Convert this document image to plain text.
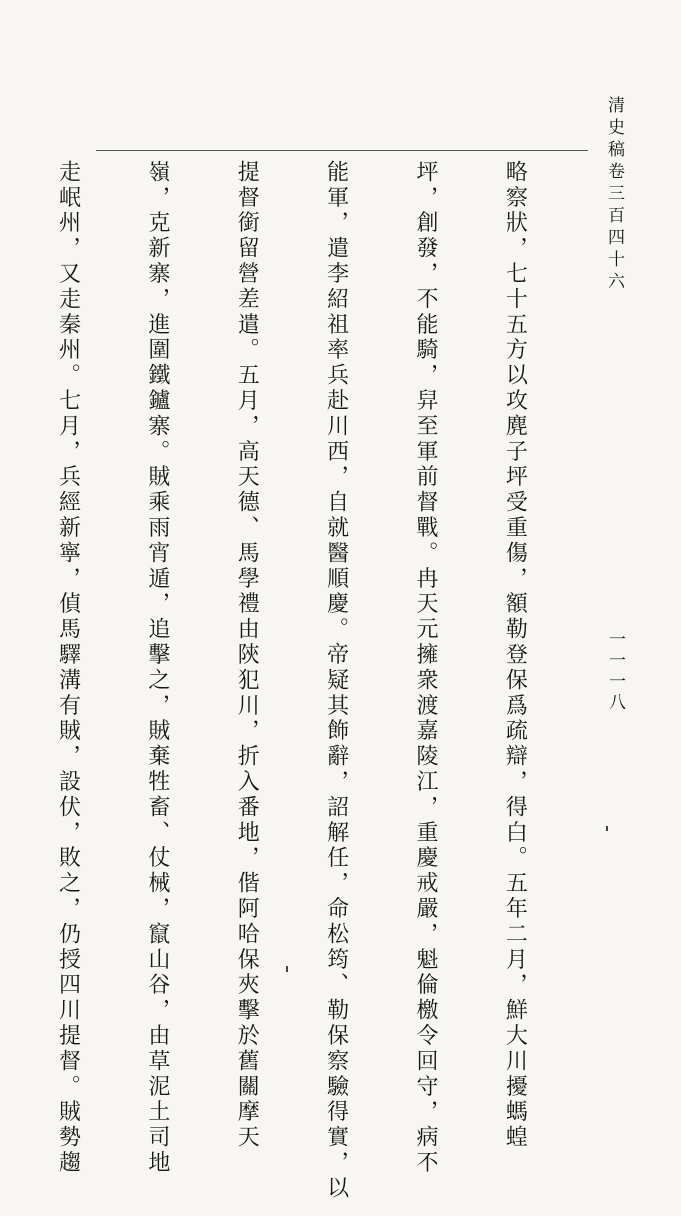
清史稿卷三百四十六
一一一八

略察狀，七十五方以攻麂子坪受重傷，額勒登保爲疏辯，得白。五年二月，鮮大川擾螞蝗

坪，創發，不能騎，舁至軍前督戰。冉天元擁衆渡嘉陵江，重慶戒嚴，魁倫檄令回守，病不

能軍，遣李紹祖率兵赴川西，自就醫順慶。帝疑其飾辭，詔解任，命松筠、勒保察驗得實，以

提督銜留營差遣。五月，高天德、馬學禮由陝犯川，折入番地，偕阿哈保夾擊於舊關摩天

嶺，克新寨，進圍鐵鑪寨。賊乘雨宵遁，追擊之，賊棄牲畜、仗械，竄山谷，由草泥土司地

走岷州，又走秦州。七月，兵經新寧，偵馬驛溝有賊，設伏，敗之，仍授四川提督。賊勢趨
